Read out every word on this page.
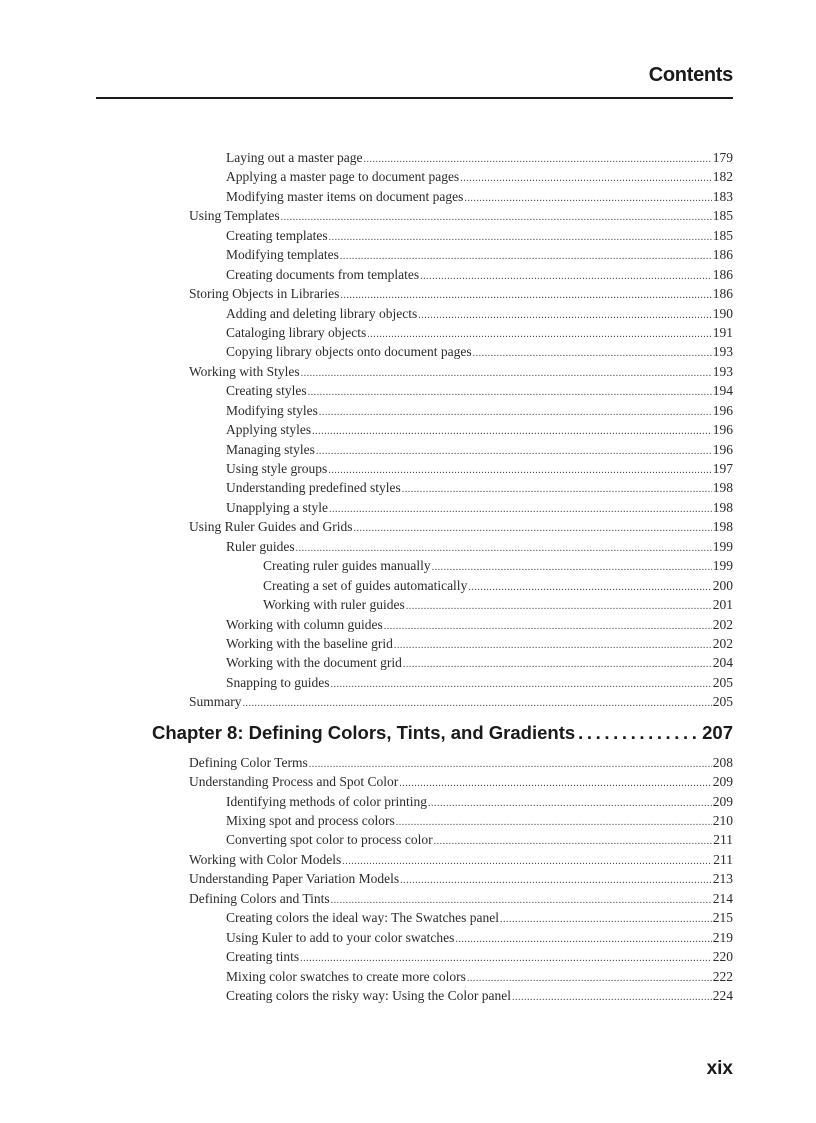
Contents
Laying out a master page .....	179
Applying a master page to document pages .....	182
Modifying master items on document pages .....	183
Using Templates .....	185
Creating templates .....	185
Modifying templates .....	186
Creating documents from templates .....	186
Storing Objects in Libraries .....	186
Adding and deleting library objects .....	190
Cataloging library objects .....	191
Copying library objects onto document pages .....	193
Working with Styles .....	193
Creating styles .....	194
Modifying styles .....	196
Applying styles .....	196
Managing styles .....	196
Using style groups .....	197
Understanding predefined styles .....	198
Unapplying a style .....	198
Using Ruler Guides and Grids .....	198
Ruler guides .....	199
Creating ruler guides manually .....	199
Creating a set of guides automatically .....	200
Working with ruler guides .....	201
Working with column guides .....	202
Working with the baseline grid .....	202
Working with the document grid .....	204
Snapping to guides .....	205
Summary .....	205
Chapter 8: Defining Colors, Tints, and Gradients .....	207
Defining Color Terms .....	208
Understanding Process and Spot Color .....	209
Identifying methods of color printing .....	209
Mixing spot and process colors .....	210
Converting spot color to process color .....	211
Working with Color Models .....	211
Understanding Paper Variation Models .....	213
Defining Colors and Tints .....	214
Creating colors the ideal way: The Swatches panel .....	215
Using Kuler to add to your color swatches .....	219
Creating tints .....	220
Mixing color swatches to create more colors .....	222
Creating colors the risky way: Using the Color panel .....	224
xix
